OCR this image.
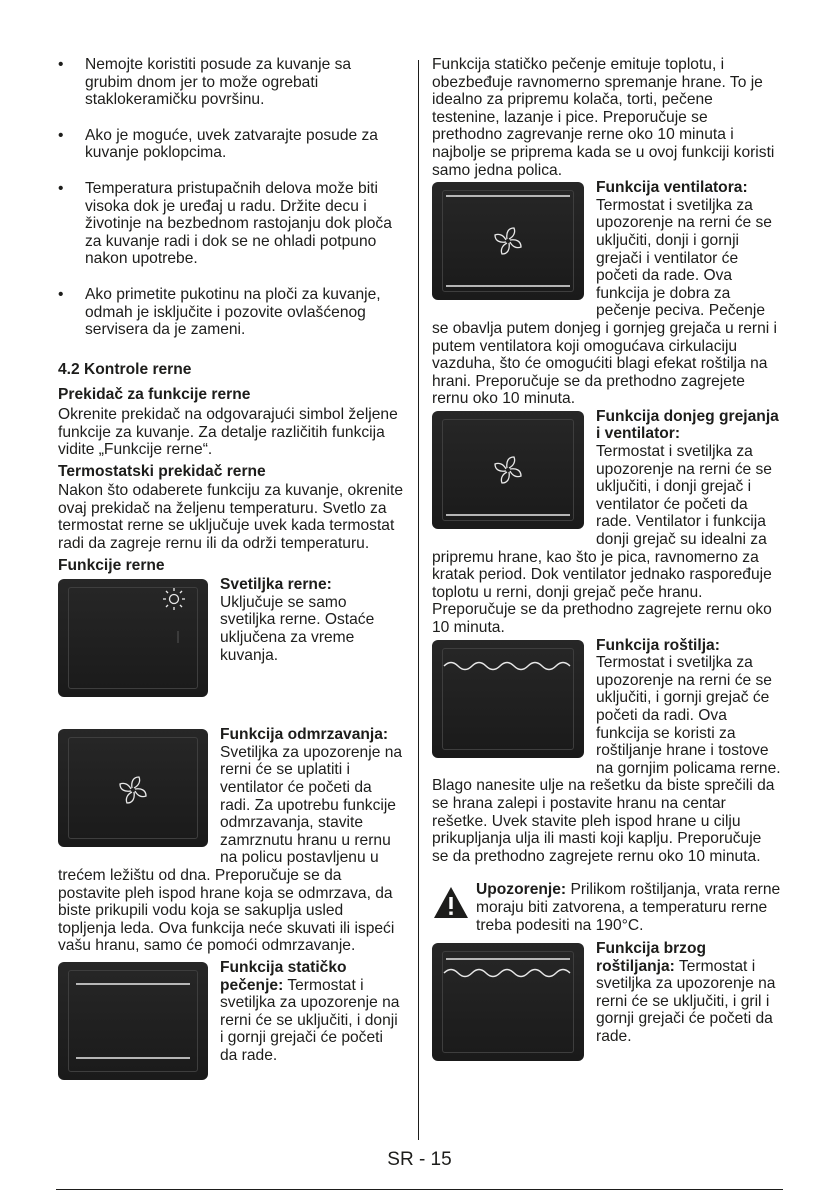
• Nemojte koristiti posude za kuvanje sa grubim dnom jer to može ogrebati staklokeramičku površinu.
• Ako je moguće, uvek zatvarajte posude za kuvanje poklopcima.
• Temperatura pristupačnih delova može biti visoka dok je uređaj u radu. Držite decu i životinje na bezbednom rastojanju dok ploča za kuvanje radi i dok se ne ohladi potpuno nakon upotrebe.
• Ako primetite pukotinu na ploči za kuvanje, odmah je isključite i pozovite ovlašćenog servisera da je zameni.

4.2 Kontrole rerne

Prekidač za funkcije rerne

Okrenite prekidač na odgovarajući simbol željene funkcije za kuvanje. Za detalje različitih funkcija vidite „Funkcije rerne“.

Termostatski prekidač rerne

Nakon što odaberete funkciju za kuvanje, okrenite ovaj prekidač na željenu temperaturu. Svetlo za termostat rerne se uključuje uvek kada termostat radi da zagreje rernu ili da održi temperaturu.

Funkcije rerne

Svetiljka rerne:
Uključuje se samo svetiljka rerne. Ostaće uključena za vreme kuvanja.

Funkcija odmrzavanja:
Svetiljka za upozorenje na rerni će se uplatiti i ventilator će početi da radi. Za upotrebu funkcije odmrzavanja, stavite zamrznutu hranu u rernu na policu postavljenu u trećem ležištu od dna. Preporučuje se da postavite pleh ispod hrane koja se odmrzava, da biste prikupili vodu koja se sakuplja usled topljenja leda. Ova funkcija neće skuvati ili ispeći vašu hranu, samo će pomoći odmrzavanje.

Funkcija statičko pečenje: Termostat i svetiljka za upozorenje na rerni će se uključiti, i donji i gornji grejači će početi da rade.

Funkcija statičko pečenje emituje toplotu, i obezbeđuje ravnomerno spremanje hrane. To je idealno za pripremu kolača, torti, pečene testenine, lazanje i pice. Preporučuje se prethodno zagrevanje rerne oko 10 minuta i najbolje se priprema kada se u ovoj funkciji koristi samo jedna polica.

Funkcija ventilatora:
Termostat i svetiljka za upozorenje na rerni će se uključiti, donji i gornji grejači i ventilator će početi da rade. Ova funkcija je dobra za pečenje peciva. Pečenje se obavlja putem donjeg i gornjeg grejača u rerni i putem ventilatora koji omogućava cirkulaciju vazduha, što će omogućiti blagi efekat roštilja na hrani. Preporučuje se da prethodno zagrejete rernu oko 10 minuta.

Funkcija donjeg grejanja i ventilator:
Termostat i svetiljka za upozorenje na rerni će se uključiti, i donji grejač i ventilator će početi da rade. Ventilator i funkcija donji grejač su idealni za pripremu hrane, kao što je pica, ravnomerno za kratak period. Dok ventilator jednako raspoređuje toplotu u rerni, donji grejač peče hranu. Preporučuje se da prethodno zagrejete rernu oko 10 minuta.

Funkcija roštilja:
Termostat i svetiljka za upozorenje na rerni će se uključiti, i gornji grejač će početi da radi. Ova funkcija se koristi za roštiljanje hrane i tostove na gornjim policama rerne. Blago nanesite ulje na rešetku da biste sprečili da se hrana zalepi i postavite hranu na centar rešetke. Uvek stavite pleh ispod hrane u cilju prikupljanja ulja ili masti koji kaplju. Preporučuje se da prethodno zagrejete rernu oko 10 minuta.

Upozorenje: Prilikom roštiljanja, vrata rerne moraju biti zatvorena, a temperaturu rerne treba podesiti na 190°C.

Funkcija brzog roštiljanja: Termostat i svetiljka za upozorenje na rerni će se uključiti, i gril i gornji grejači će početi da rade.

SR - 15
